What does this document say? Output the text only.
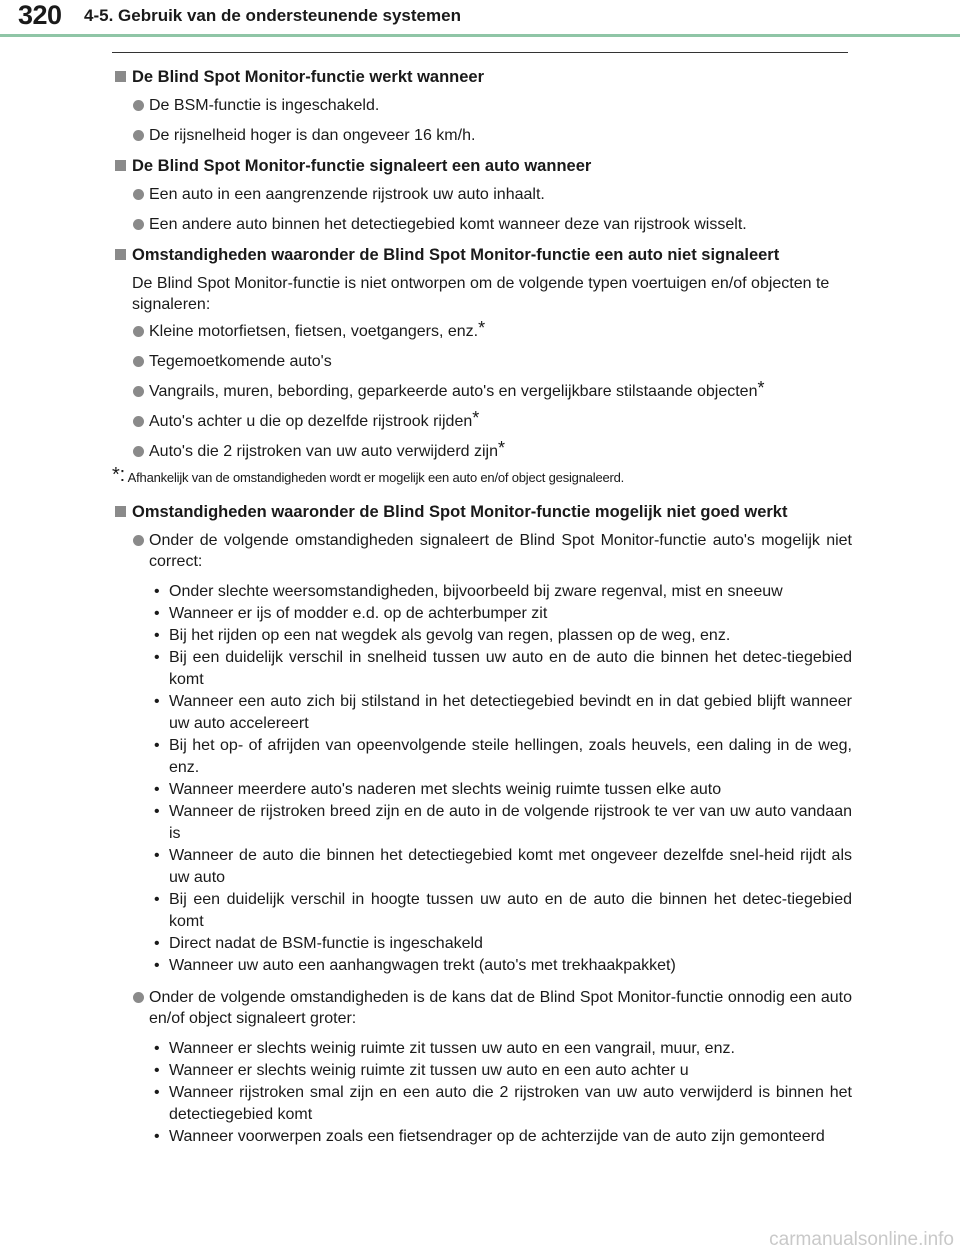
320 4-5. Gebruik van de ondersteunende systemen
De Blind Spot Monitor-functie werkt wanneer
De BSM-functie is ingeschakeld.
De rijsnelheid hoger is dan ongeveer 16 km/h.
De Blind Spot Monitor-functie signaleert een auto wanneer
Een auto in een aangrenzende rijstrook uw auto inhaalt.
Een andere auto binnen het detectiegebied komt wanneer deze van rijstrook wisselt.
Omstandigheden waaronder de Blind Spot Monitor-functie een auto niet signaleert
De Blind Spot Monitor-functie is niet ontworpen om de volgende typen voertuigen en/of objecten te signaleren:
Kleine motorfietsen, fietsen, voetgangers, enz.*
Tegemoetkomende auto's
Vangrails, muren, bebording, geparkeerde auto's en vergelijkbare stilstaande objecten*
Auto's achter u die op dezelfde rijstrook rijden*
Auto's die 2 rijstroken van uw auto verwijderd zijn*
*: Afhankelijk van de omstandigheden wordt er mogelijk een auto en/of object gesignaleerd.
Omstandigheden waaronder de Blind Spot Monitor-functie mogelijk niet goed werkt
Onder de volgende omstandigheden signaleert de Blind Spot Monitor-functie auto's mogelijk niet correct:
• Onder slechte weersomstandigheden, bijvoorbeeld bij zware regenval, mist en sneeuw
• Wanneer er ijs of modder e.d. op de achterbumper zit
• Bij het rijden op een nat wegdek als gevolg van regen, plassen op de weg, enz.
• Bij een duidelijk verschil in snelheid tussen uw auto en de auto die binnen het detec-tiegebied komt
• Wanneer een auto zich bij stilstand in het detectiegebied bevindt en in dat gebied blijft wanneer uw auto accelereert
• Bij het op- of afrijden van opeenvolgende steile hellingen, zoals heuvels, een daling in de weg, enz.
• Wanneer meerdere auto's naderen met slechts weinig ruimte tussen elke auto
• Wanneer de rijstroken breed zijn en de auto in de volgende rijstrook te ver van uw auto vandaan is
• Wanneer de auto die binnen het detectiegebied komt met ongeveer dezelfde snel-heid rijdt als uw auto
• Bij een duidelijk verschil in hoogte tussen uw auto en de auto die binnen het detec-tiegebied komt
• Direct nadat de BSM-functie is ingeschakeld
• Wanneer uw auto een aanhangwagen trekt (auto's met trekhaakpakket)
Onder de volgende omstandigheden is de kans dat de Blind Spot Monitor-functie onnodig een auto en/of object signaleert groter:
• Wanneer er slechts weinig ruimte zit tussen uw auto en een vangrail, muur, enz.
• Wanneer er slechts weinig ruimte zit tussen uw auto en een auto achter u
• Wanneer rijstroken smal zijn en een auto die 2 rijstroken van uw auto verwijderd is binnen het detectiegebied komt
• Wanneer voorwerpen zoals een fietsendrager op de achterzijde van de auto zijn gemonteerd
carmanualsonline.info
